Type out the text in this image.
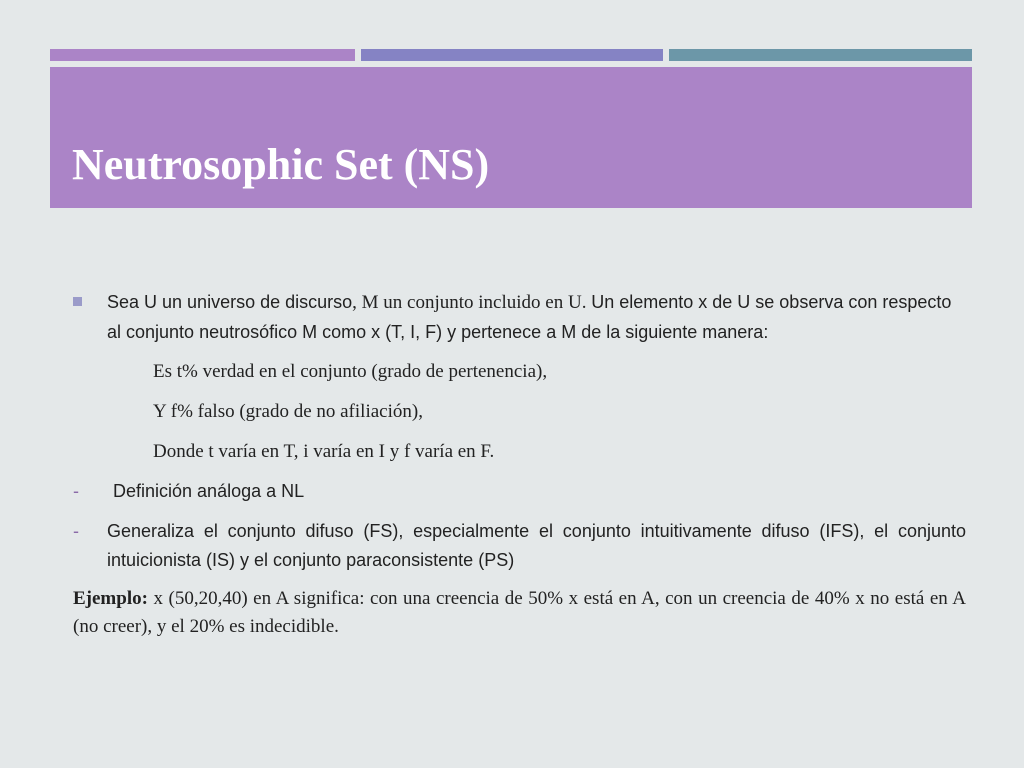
Neutrosophic Set (NS)
Sea U un universo de discurso, M un conjunto incluido en U. Un elemento x de U se observa con respecto al conjunto neutrosófico M como x (T, I, F) y pertenece a M de la siguiente manera:
Es t% verdad en el conjunto (grado de pertenencia),
Y f% falso (grado de no afiliación),
Donde t varía en T, i varía en I y f varía en F.
- Definición análoga a NL
- Generaliza el conjunto difuso (FS), especialmente el conjunto intuitivamente difuso (IFS), el conjunto intuicionista (IS) y el conjunto paraconsistente (PS)
Ejemplo: x (50,20,40) en A significa: con una creencia de 50% x está en A, con un creencia de 40% x no está en A (no creer), y el 20% es indecidible.
